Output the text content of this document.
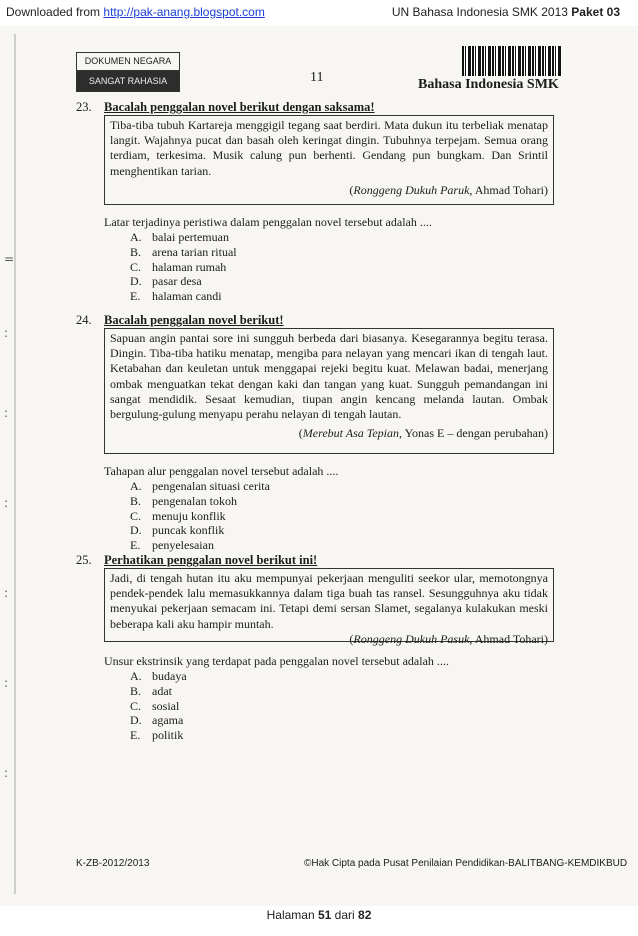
Downloaded from http://pak-anang.blogspot.com	UN Bahasa Indonesia SMK 2013 Paket 03
=
:
:
:
:
:
:
DOKUMEN NEGARA
SANGAT RAHASIA	11	Bahasa Indonesia SMK
23. Bacalah penggalan novel berikut dengan saksama!
Tiba-tiba tubuh Kartareja menggigil tegang saat berdiri. Mata dukun itu terbeliak menatap langit. Wajahnya pucat dan basah oleh keringat dingin. Tubuhnya terpejam. Semua orang terdiam, terkesima. Musik calung pun berhenti. Gendang pun bungkam. Dan Srintil menghentikan tarian.
(Ronggeng Dukuh Paruk, Ahmad Tohari)
Latar terjadinya peristiwa dalam penggalan novel tersebut adalah ....
A. balai pertemuan
B. arena tarian ritual
C. halaman rumah
D. pasar desa
E. halaman candi
24. Bacalah penggalan novel berikut!
Sapuan angin pantai sore ini sungguh berbeda dari biasanya. Kesegarannya begitu terasa. Dingin. Tiba-tiba hatiku menatap, mengiba para nelayan yang mencari ikan di tengah laut. Ketabahan dan keuletan untuk menggapai rejeki begitu kuat. Melawan badai, menerjang ombak menguatkan tekat dengan kaki dan tangan yang kuat. Sungguh pemandangan ini sangat mendidik. Sesaat kemudian, tiupan angin kencang melanda lautan. Ombak bergulung-gulung menyapu perahu nelayan di tengah lautan.
(Merebut Asa Tepian, Yonas E – dengan perubahan)
Tahapan alur penggalan novel tersebut adalah ....
A. pengenalan situasi cerita
B. pengenalan tokoh
C. menuju konflik
D. puncak konflik
E. penyelesaian
25. Perhatikan penggalan novel berikut ini!
Jadi, di tengah hutan itu aku mempunyai pekerjaan menguliti seekor ular, memotongnya pendek-pendek lalu memasukkannya dalam tiga buah tas ransel. Sesungguhnya aku tidak menyukai pekerjaan semacam ini. Tetapi demi sersan Slamet, segalanya kulakukan meski beberapa kali aku hampir muntah.
(Ronggeng Dukuh Pasuk, Ahmad Tohari)
Unsur ekstrinsik yang terdapat pada penggalan novel tersebut adalah ....
A. budaya
B. adat
C. sosial
D. agama
E. politik
K-ZB-2012/2013	©Hak Cipta pada Pusat Penilaian Pendidikan-BALITBANG-KEMDIKBUD
Halaman 51 dari 82
